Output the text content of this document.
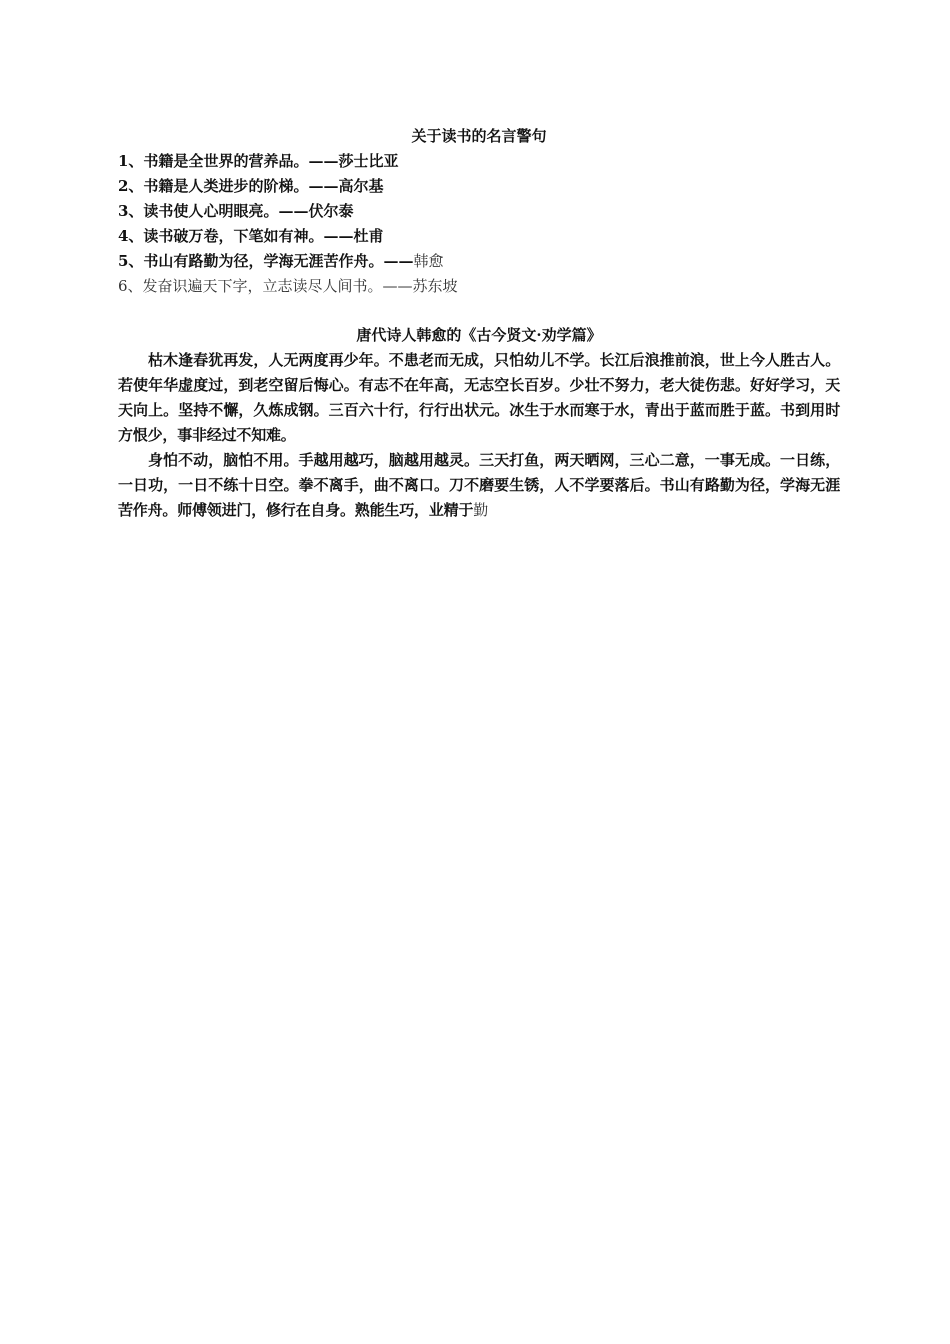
关于读书的名言警句

1、书籍是全世界的营养品。——莎士比亚

2、书籍是人类进步的阶梯。——高尔基

3、读书使人心明眼亮。——伏尔泰

4、读书破万卷，下笔如有神。——杜甫

5、书山有路勤为径，学海无涯苦作舟。——韩愈

6、发奋识遍天下字，立志读尽人间书。——苏东坡

唐代诗人韩愈的《古今贤文·劝学篇》

枯木逢春犹再发，人无两度再少年。不患老而无成，只怕幼儿不学。长江后浪推前浪，世上今人胜古人。若使年华虚度过，到老空留后悔心。有志不在年高，无志空长百岁。少壮不努力，老大徒伤悲。好好学习，天天向上。坚持不懈，久炼成钢。三百六十行，行行出状元。冰生于水而寒于水，青出于蓝而胜于蓝。书到用时方恨少，事非经过不知难。

身怕不动，脑怕不用。手越用越巧，脑越用越灵。三天打鱼，两天晒网，三心二意，一事无成。一日练，一日功，一日不练十日空。拳不离手，曲不离口。刀不磨要生锈，人不学要落后。书山有路勤为径，学海无涯苦作舟。师傅领进门，修行在自身。熟能生巧，业精于勤
